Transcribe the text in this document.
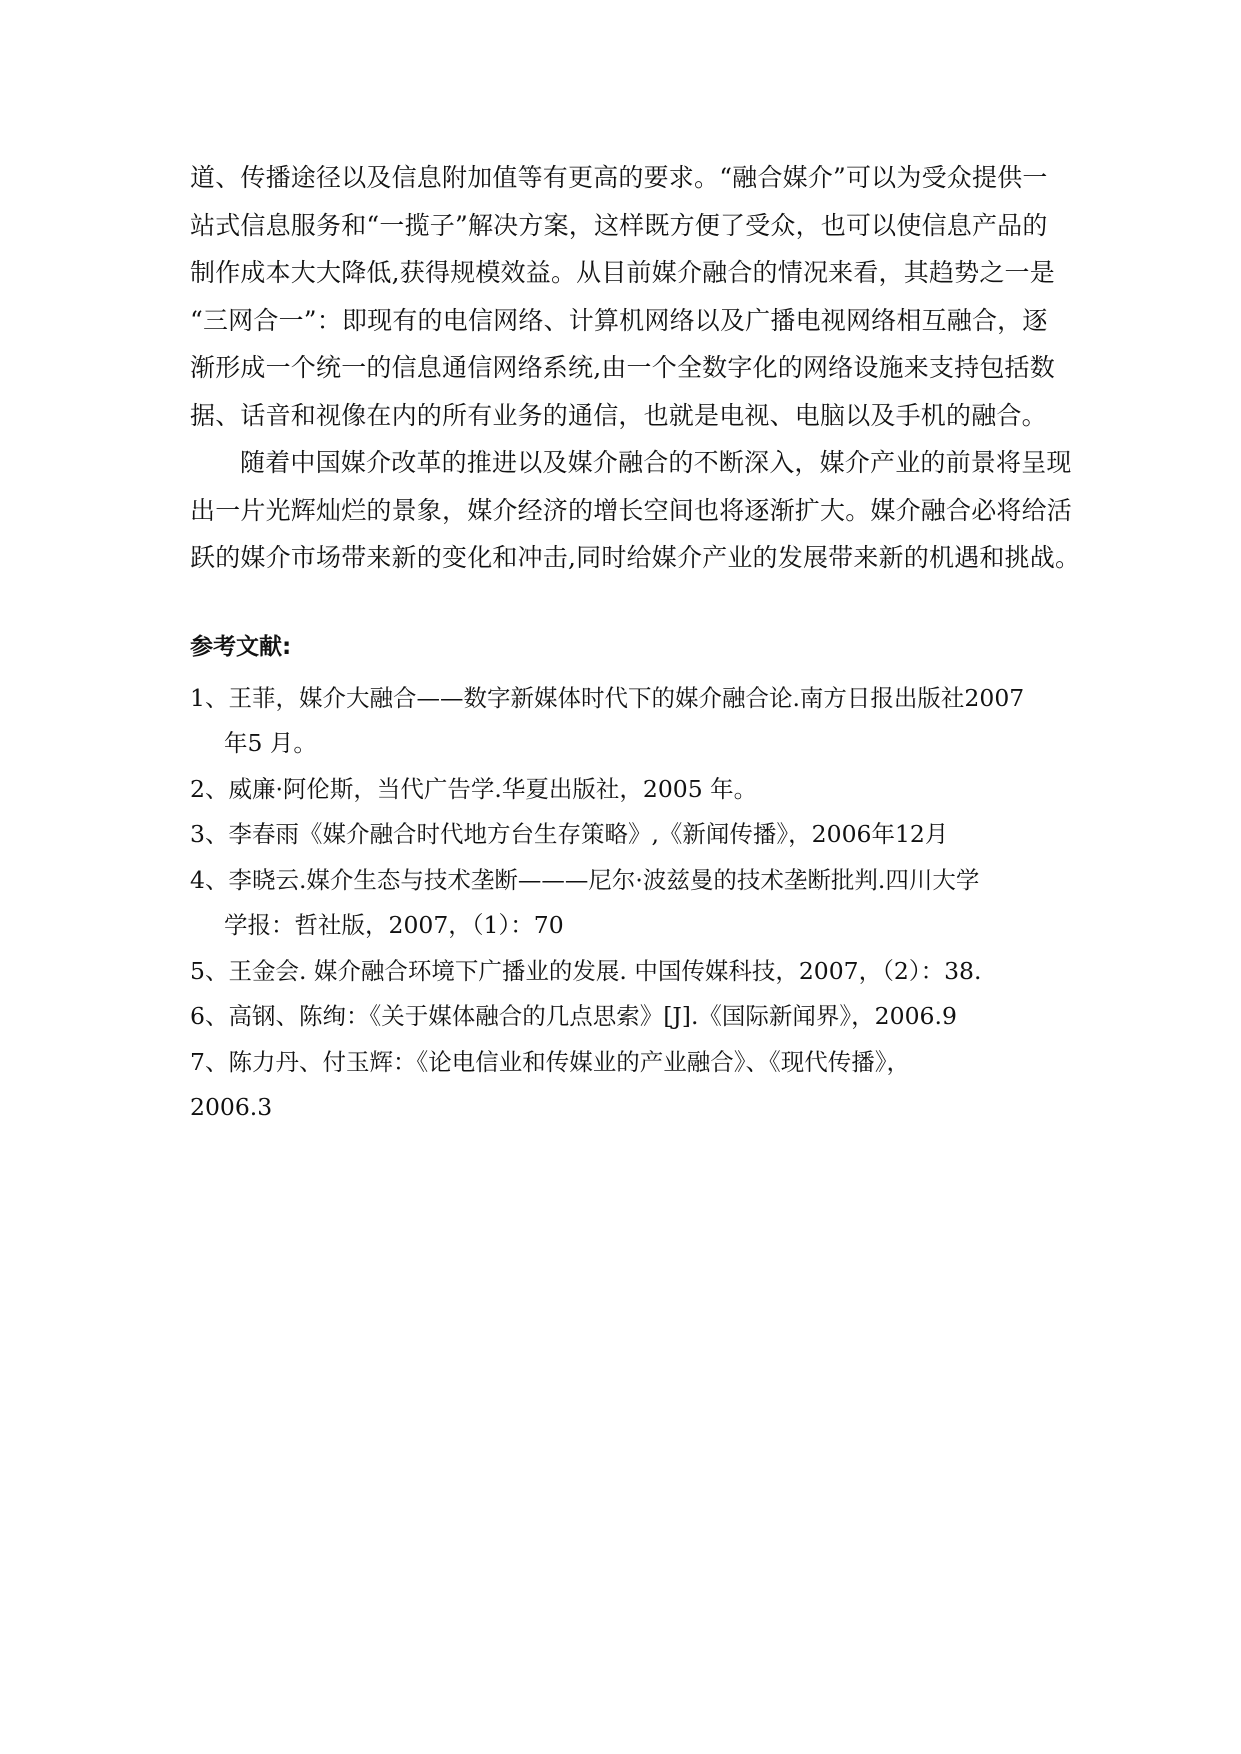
道、传播途径以及信息附加值等有更高的要求。“融合媒介”可以为受众提供一
站式信息服务和“一揽子”解决方案，这样既方便了受众，也可以使信息产品的
制作成本大大降低,获得规模效益。从目前媒介融合的情况来看，其趋势之一是
“三网合一”：即现有的电信网络、计算机网络以及广播电视网络相互融合，逐
渐形成一个统一的信息通信网络系统,由一个全数字化的网络设施来支持包括数
据、话音和视像在内的所有业务的通信，也就是电视、电脑以及手机的融合。

随着中国媒介改革的推进以及媒介融合的不断深入，媒介产业的前景将呈现
出一片光辉灿烂的景象，媒介经济的增长空间也将逐渐扩大。媒介融合必将给活
跃的媒介市场带来新的变化和冲击,同时给媒介产业的发展带来新的机遇和挑战。

参考文献:
1、王菲，媒介大融合——数字新媒体时代下的媒介融合论.南方日报出版社2007
年5 月。
2、威廉·阿伦斯，当代广告学.华夏出版社，2005 年。
3、李春雨《媒介融合时代地方台生存策略》,《新闻传播》，2006年12月
4、李晓云.媒介生态与技术垄断———尼尔·波兹曼的技术垄断批判.四川大学
学报：哲社版，2007，（1）：70
5、王金会. 媒介融合环境下广播业的发展. 中国传媒科技，2007，（2）：38.
6、高钢、陈绚：《关于媒体融合的几点思索》[J].《国际新闻界》，2006.9
7、陈力丹、付玉辉：《论电信业和传媒业的产业融合》、《现代传播》，
2006.3
